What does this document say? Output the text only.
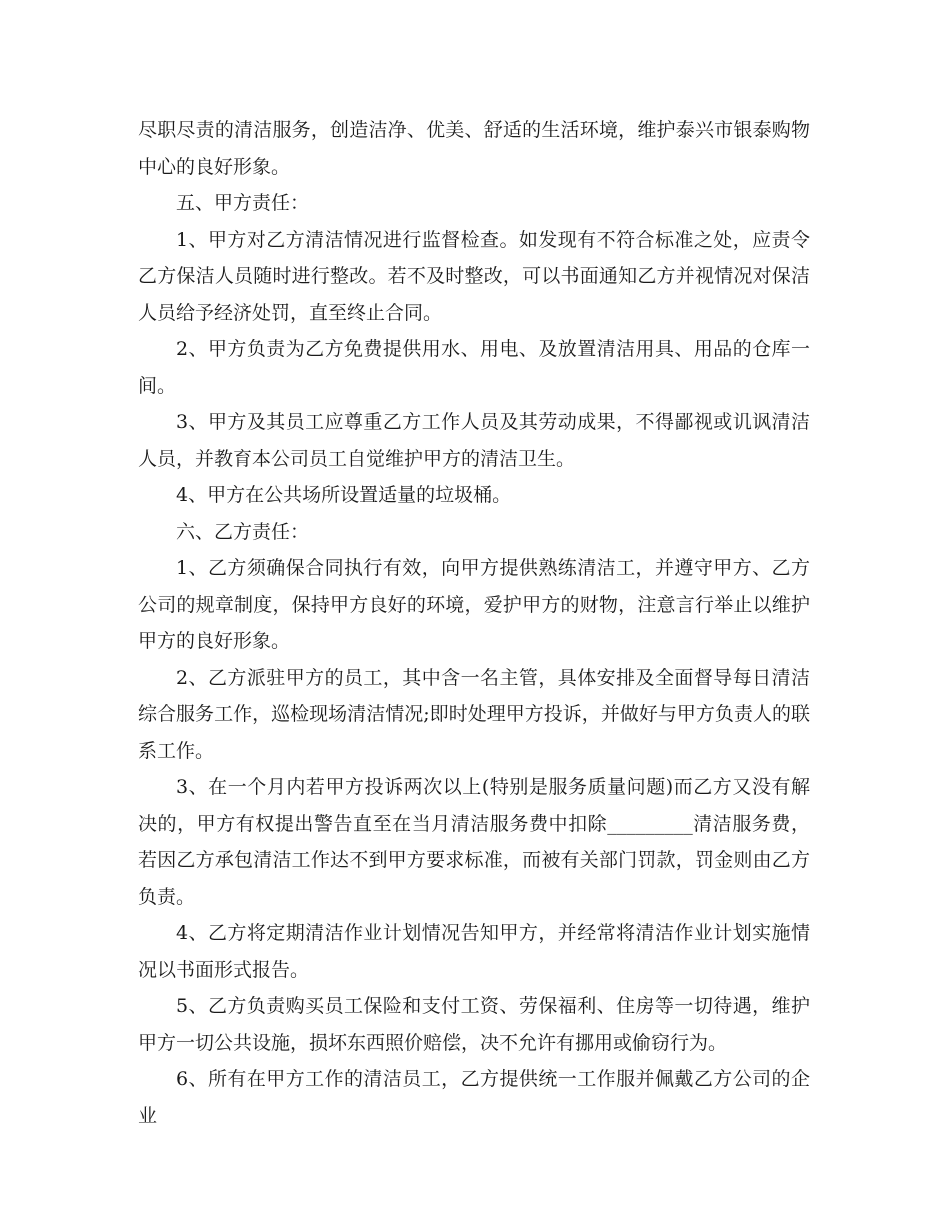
尽职尽责的清洁服务，创造洁净、优美、舒适的生活环境，维护泰兴市银泰购物中心的良好形象。

五、甲方责任：

1、甲方对乙方清洁情况进行监督检查。如发现有不符合标准之处，应责令乙方保洁人员随时进行整改。若不及时整改，可以书面通知乙方并视情况对保洁人员给予经济处罚，直至终止合同。

2、甲方负责为乙方免费提供用水、用电、及放置清洁用具、用品的仓库一间。

3、甲方及其员工应尊重乙方工作人员及其劳动成果，不得鄙视或讥讽清洁人员，并教育本公司员工自觉维护甲方的清洁卫生。

4、甲方在公共场所设置适量的垃圾桶。

六、乙方责任：

1、乙方须确保合同执行有效，向甲方提供熟练清洁工，并遵守甲方、乙方公司的规章制度，保持甲方良好的环境，爱护甲方的财物，注意言行举止以维护甲方的良好形象。

2、乙方派驻甲方的员工，其中含一名主管，具体安排及全面督导每日清洁综合服务工作，巡检现场清洁情况;即时处理甲方投诉，并做好与甲方负责人的联系工作。

3、在一个月内若甲方投诉两次以上(特别是服务质量问题)而乙方又没有解决的，甲方有权提出警告直至在当月清洁服务费中扣除_________清洁服务费，若因乙方承包清洁工作达不到甲方要求标准，而被有关部门罚款，罚金则由乙方负责。

4、乙方将定期清洁作业计划情况告知甲方，并经常将清洁作业计划实施情况以书面形式报告。

5、乙方负责购买员工保险和支付工资、劳保福利、住房等一切待遇，维护甲方一切公共设施，损坏东西照价赔偿，决不允许有挪用或偷窃行为。

6、所有在甲方工作的清洁员工，乙方提供统一工作服并佩戴乙方公司的企业
